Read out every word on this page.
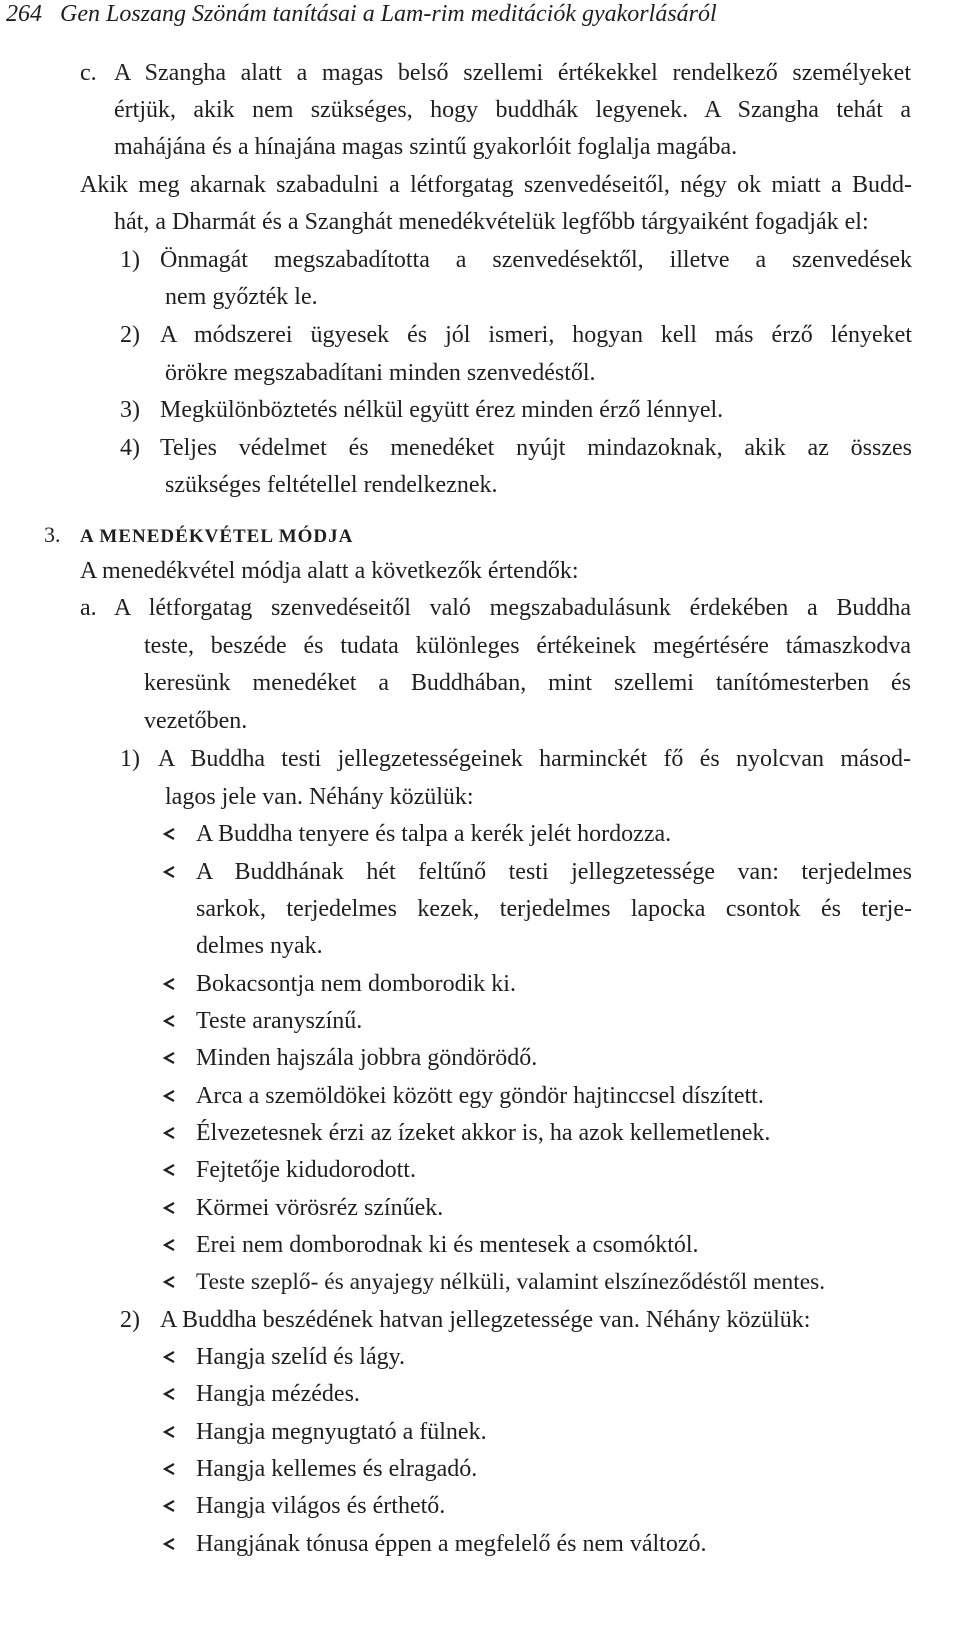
264 Gen Loszang Szönám tanításai a Lam-rim meditációk gyakorlásáról
c. A Szangha alatt a magas belső szellemi értékekkel rendelkező személyeket
értjük, akik nem szükséges, hogy buddhák legyenek. A Szangha tehát a
mahájána és a hínajána magas szintű gyakorlóit foglalja magába.
Akik meg akarnak szabadulni a létforgatag szenvedéseitől, négy ok miatt a Budd-
hát, a Dharmát és a Szanghát menedékvételük legfőbb tárgyaiként fogadják el:
1) Önmagát megszabadította a szenvedésektől, illetve a szenvedések
nem győzték le.
2) A módszerei ügyesek és jól ismeri, hogyan kell más érző lényeket
örökre megszabadítani minden szenvedéstől.
3) Megkülönböztetés nélkül együtt érez minden érző lénnyel.
4) Teljes védelmet és menedéket nyújt mindazoknak, akik az összes
szükséges feltétellel rendelkeznek.
3. A MENEDÉKVÉTEL MÓDJA
A menedékvétel módja alatt a következők értendők:
a. A létforgatag szenvedéseitől való megszabadulásunk érdekében a Buddha
teste, beszéde és tudata különleges értékeinek megértésére támaszkodva
keresünk menedéket a Buddhában, mint szellemi tanítómesterben és
vezetőben.
1) A Buddha testi jellegzetességeinek harminckét fő és nyolcvan másod-
lagos jele van. Néhány közülük:
A Buddha tenyere és talpa a kerék jelét hordozza.
A Buddhának hét feltűnő testi jellegzetessége van: terjedelmes
sarkok, terjedelmes kezek, terjedelmes lapocka csontok és terje-
delmes nyak.
Bokacsontja nem domborodik ki.
Teste aranyszínű.
Minden hajszála jobbra göndörödő.
Arca a szemöldökei között egy göndör hajtinccsel díszített.
Élvezetesnek érzi az ízeket akkor is, ha azok kellemetlenek.
Fejtetője kidudorodott.
Körmei vörösréz színűek.
Erei nem domborodnak ki és mentesek a csomóktól.
Teste szeplő- és anyajegy nélküli, valamint elszíneződéstől mentes.
2) A Buddha beszédének hatvan jellegzetessége van. Néhány közülük:
Hangja szelíd és lágy.
Hangja mézédes.
Hangja megnyugtató a fülnek.
Hangja kellemes és elragadó.
Hangja világos és érthető.
Hangjának tónusa éppen a megfelelő és nem változó.
